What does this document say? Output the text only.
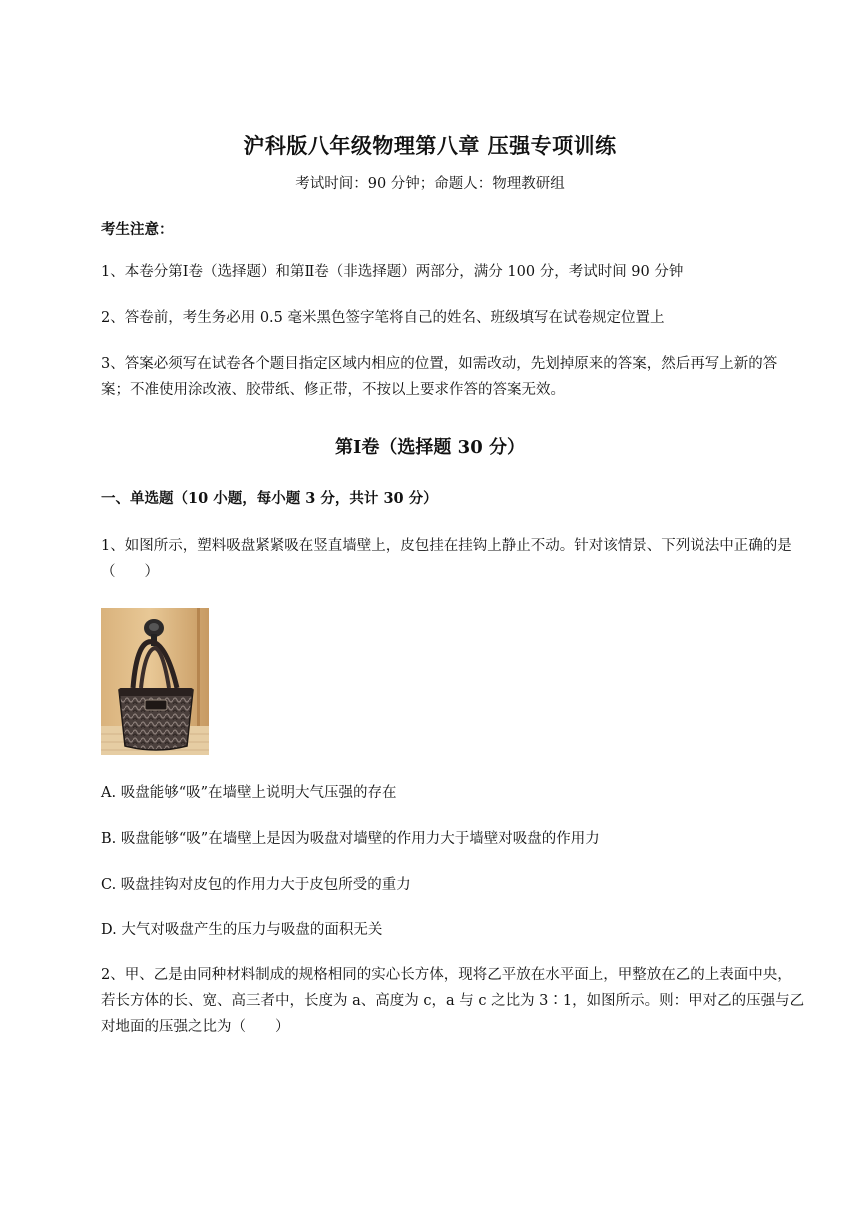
沪科版八年级物理第八章 压强专项训练
考试时间：90 分钟；命题人：物理教研组
考生注意：
1、本卷分第Ⅰ卷（选择题）和第Ⅱ卷（非选择题）两部分，满分 100 分，考试时间 90 分钟
2、答卷前，考生务必用 0.5 毫米黑色签字笔将自己的姓名、班级填写在试卷规定位置上
3、答案必须写在试卷各个题目指定区域内相应的位置，如需改动，先划掉原来的答案，然后再写上新的答案；不准使用涂改液、胶带纸、修正带，不按以上要求作答的答案无效。
第Ⅰ卷（选择题 30 分）
一、单选题（10 小题，每小题 3 分，共计 30 分）
1、如图所示，塑料吸盘紧紧吸在竖直墙壁上，皮包挂在挂钩上静止不动。针对该情景、下列说法中正确的是（　　）
A. 吸盘能够“吸”在墙壁上说明大气压强的存在
B. 吸盘能够“吸”在墙壁上是因为吸盘对墙壁的作用力大于墙壁对吸盘的作用力
C. 吸盘挂钩对皮包的作用力大于皮包所受的重力
D. 大气对吸盘产生的压力与吸盘的面积无关
2、甲、乙是由同种材料制成的规格相同的实心长方体，现将乙平放在水平面上，甲整放在乙的上表面中央，若长方体的长、宽、高三者中，长度为 a、高度为 c，a 与 c 之比为 3∶1，如图所示。则：甲对乙的压强与乙对地面的压强之比为（　　）
